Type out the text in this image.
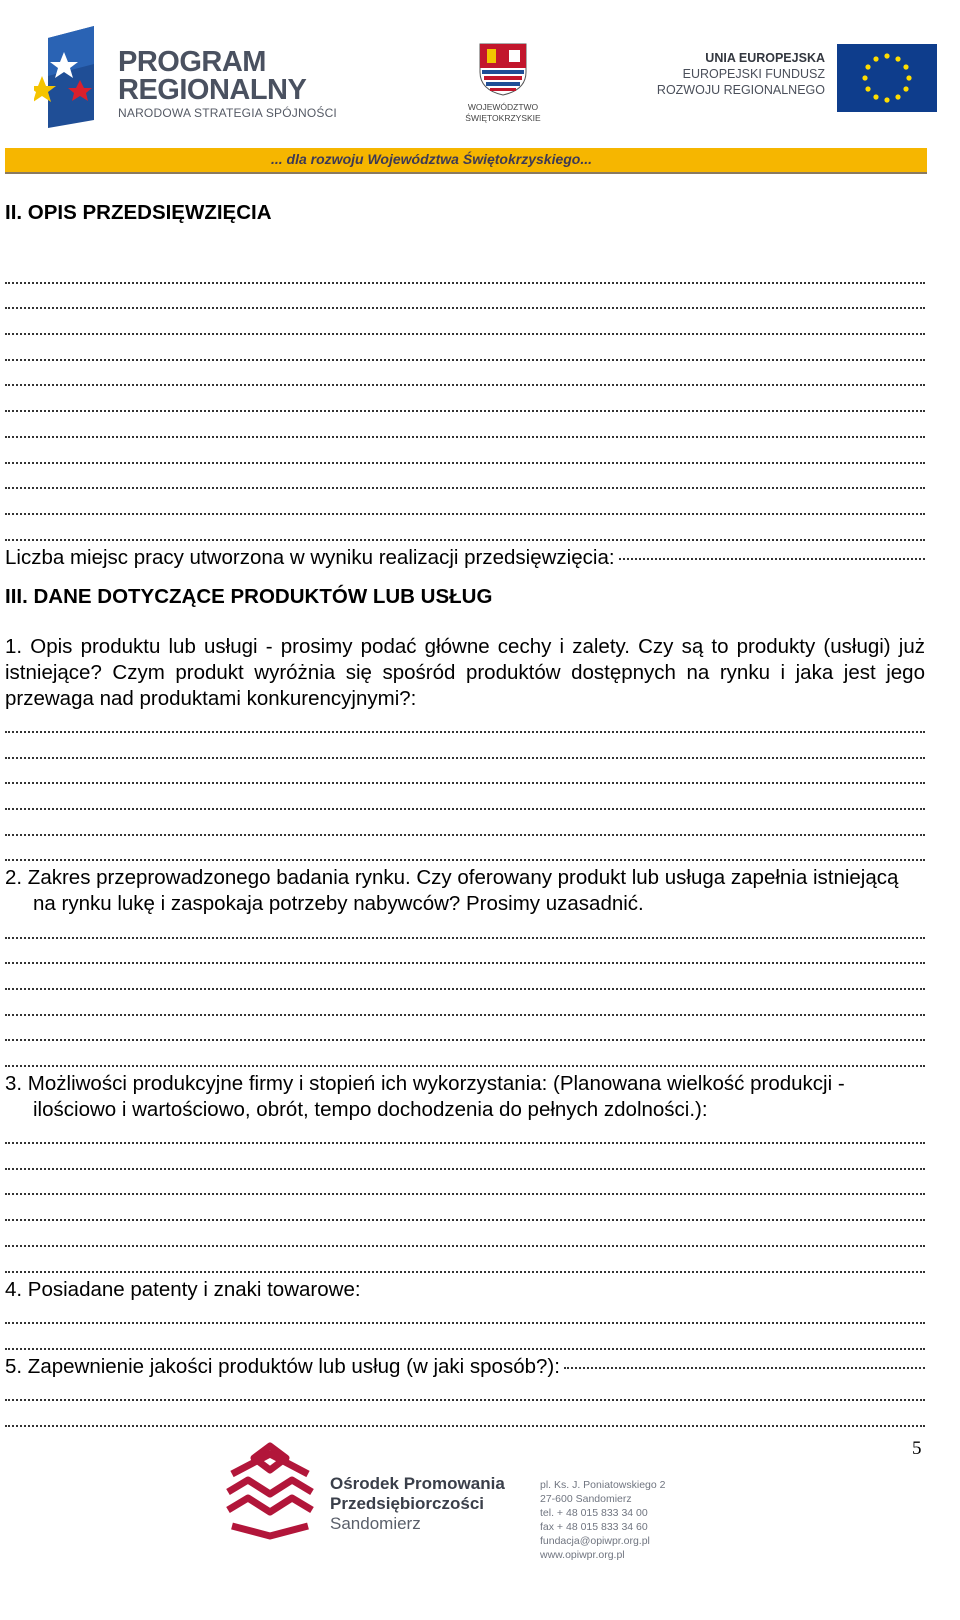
PROGRAM
REGIONALNY
NARODOWA STRATEGIA SPÓJNOŚCI	WOJEWÓDZTWO
ŚWIĘTOKRZYSKIE
UNIA EUROPEJSKA
EUROPEJSKI FUNDUSZ
ROZWOJU REGIONALNEGO
... dla rozwoju Województwa Świętokrzyskiego...
II. OPIS PRZEDSIĘWZIĘCIA
Liczba miejsc pracy utworzona w wyniku realizacji przedsięwzięcia:
III. DANE DOTYCZĄCE PRODUKTÓW LUB USŁUG
1. Opis produktu lub usługi - prosimy podać główne cechy i zalety. Czy są to produkty (usługi) już istniejące? Czym produkt wyróżnia się spośród produktów dostępnych na rynku i jaka jest jego przewaga nad produktami konkurencyjnymi?:
2. Zakres przeprowadzonego badania rynku. Czy oferowany produkt lub usługa zapełnia istniejącą na rynku lukę i zaspokaja potrzeby nabywców? Prosimy uzasadnić.
3. Możliwości produkcyjne firmy i stopień ich wykorzystania: (Planowana wielkość produkcji - ilościowo i wartościowo, obrót, tempo dochodzenia do pełnych zdolności.):
4. Posiadane patenty i znaki towarowe:
5. Zapewnienie jakości produktów lub usług (w jaki sposób?):
5
Ośrodek Promowania
Przedsiębiorczości
Sandomierz
pl. Ks. J. Poniatowskiego 2
27-600 Sandomierz
tel. + 48 015 833 34 00
fax + 48 015 833 34 60
fundacja@opiwpr.org.pl
www.opiwpr.org.pl
